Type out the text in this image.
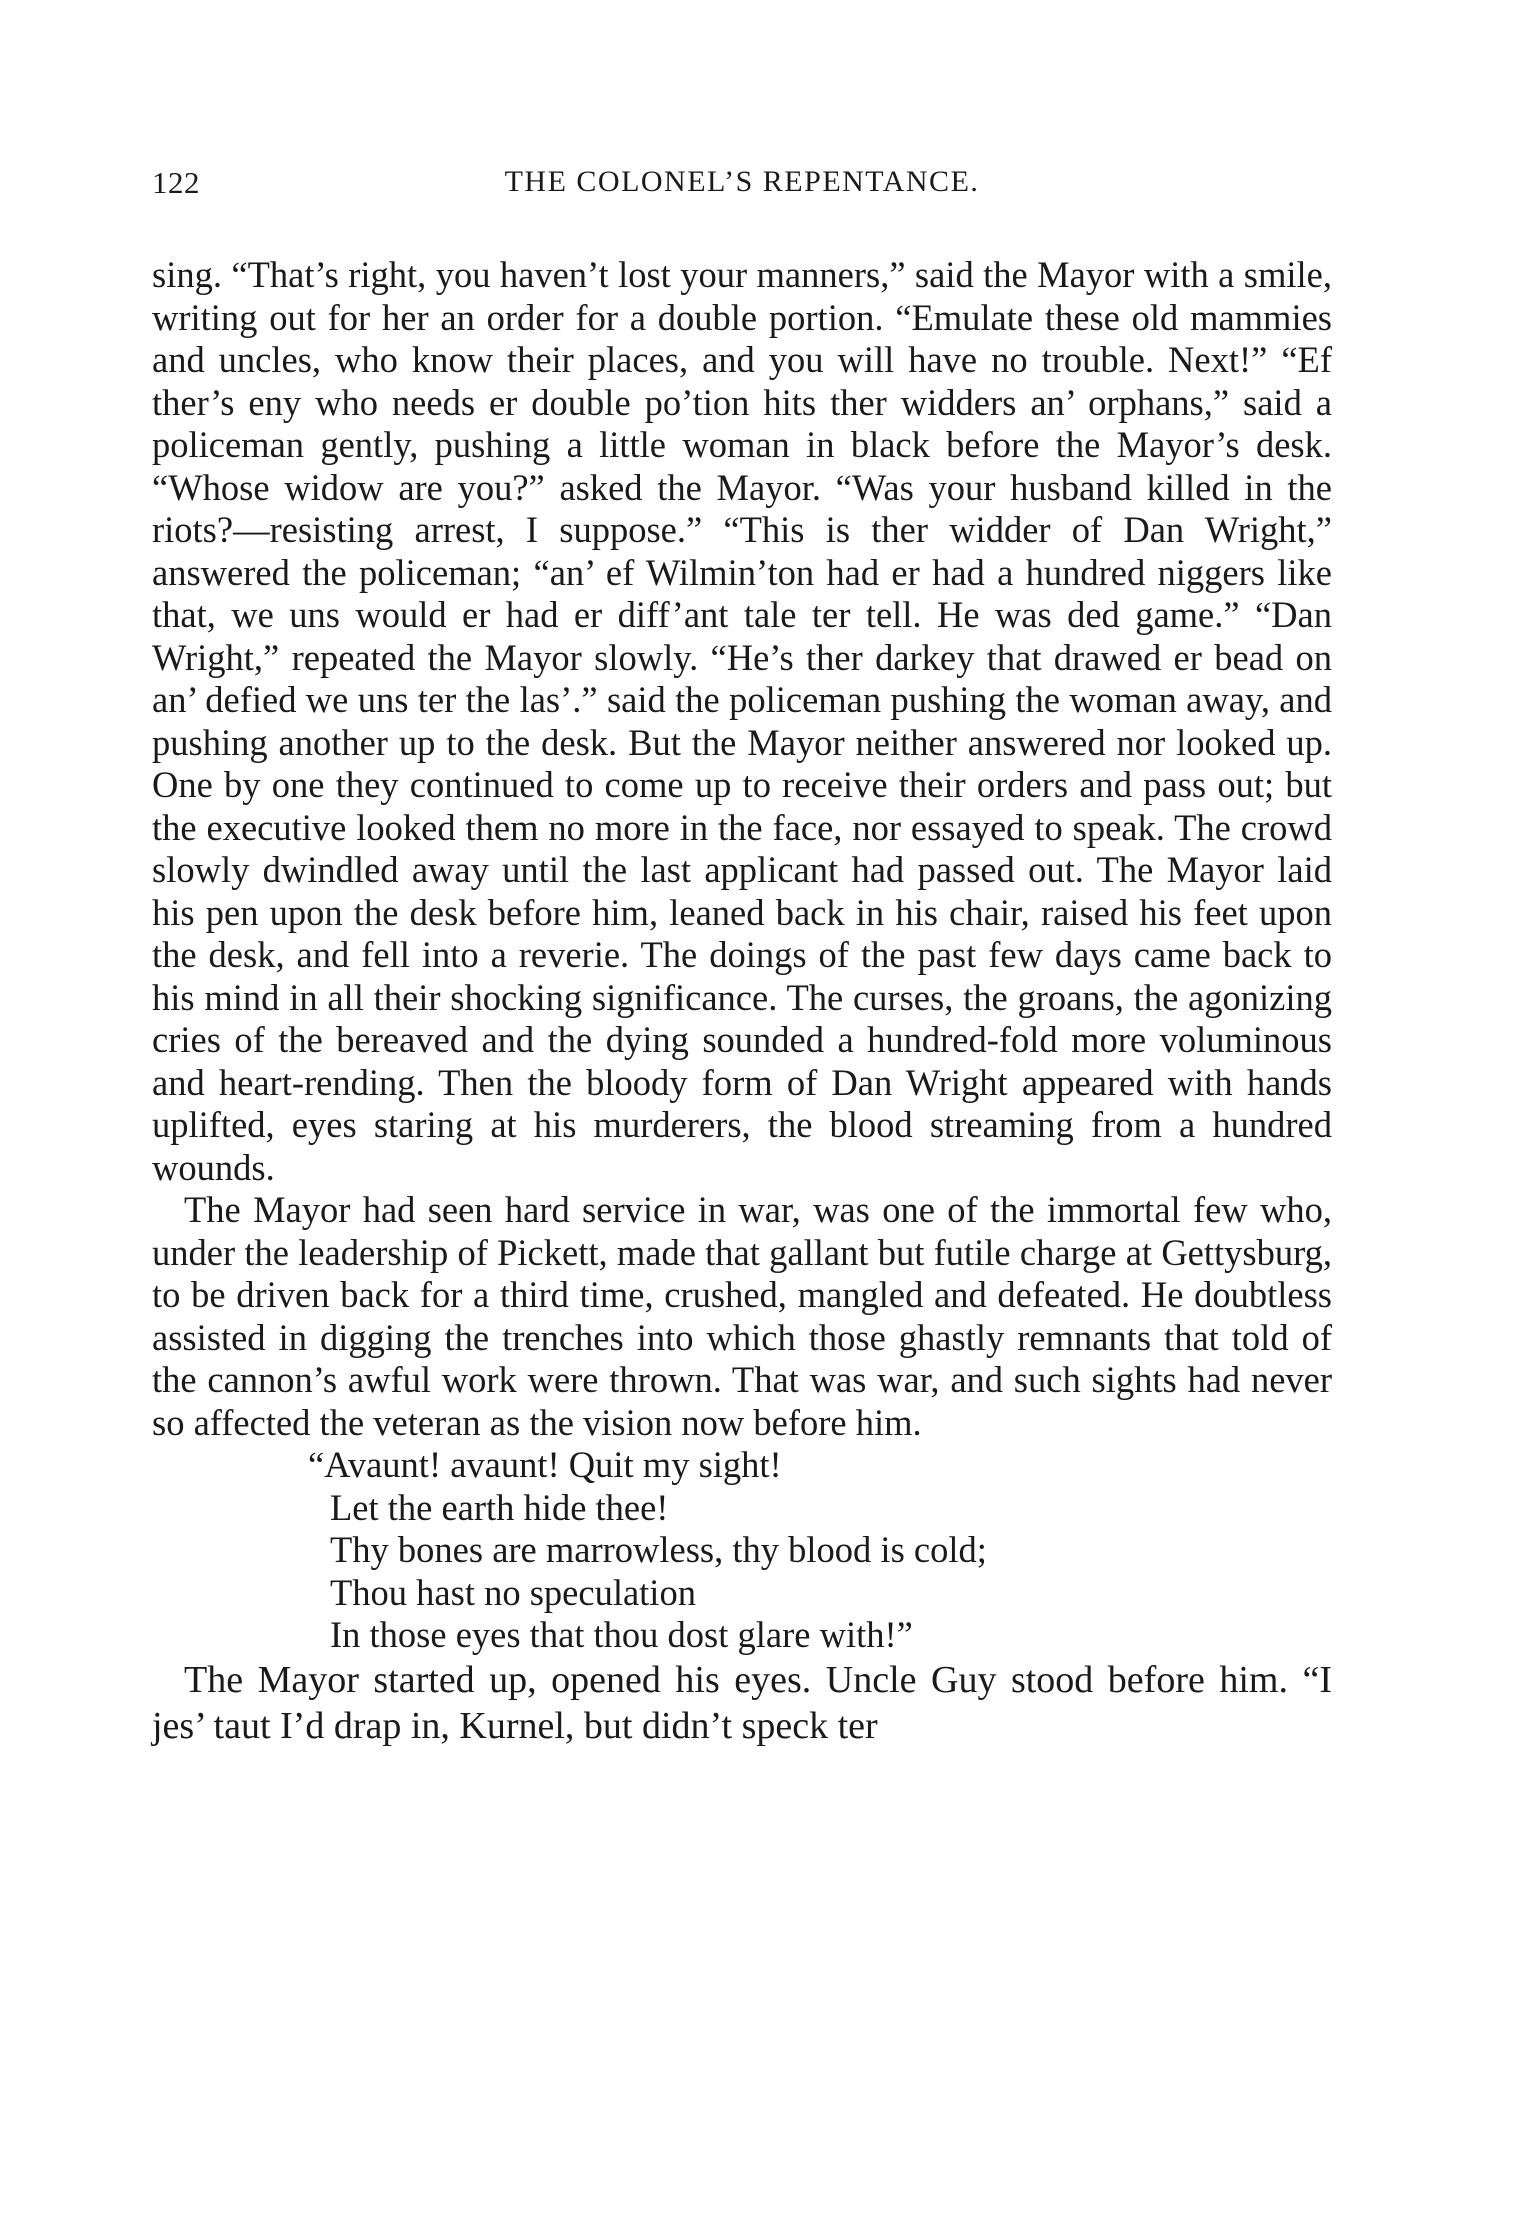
122	THE COLONEL’S REPENTANCE.

sing. “That’s right, you haven’t lost your manners,” said the Mayor with a smile, writing out for her an order for a double portion. “Emulate these old mammies and uncles, who know their places, and you will have no trouble. Next!” “Ef ther’s eny who needs er double po’tion hits ther widders an’ orphans,” said a policeman gently, pushing a little woman in black before the Mayor’s desk. “Whose widow are you?” asked the Mayor. “Was your husband killed in the riots?—resisting arrest, I suppose.” “This is ther widder of Dan Wright,” answered the policeman; “an’ ef Wilmin’ton had er had a hundred niggers like that, we uns would er had er diff’ant tale ter tell. He was ded game.” “Dan Wright,” repeated the Mayor slowly. “He’s ther darkey that drawed er bead on an’ defied we uns ter the las’.” said the policeman pushing the woman away, and pushing another up to the desk. But the Mayor neither answered nor looked up. One by one they continued to come up to receive their orders and pass out; but the executive looked them no more in the face, nor essayed to speak. The crowd slowly dwindled away until the last applicant had passed out. The Mayor laid his pen upon the desk before him, leaned back in his chair, raised his feet upon the desk, and fell into a reverie. The doings of the past few days came back to his mind in all their shocking significance. The curses, the groans, the agonizing cries of the bereaved and the dying sounded a hundred-fold more voluminous and heart-rending. Then the bloody form of Dan Wright appeared with hands uplifted, eyes staring at his murderers, the blood streaming from a hundred wounds.

The Mayor had seen hard service in war, was one of the immortal few who, under the leadership of Pickett, made that gallant but futile charge at Gettysburg, to be driven back for a third time, crushed, mangled and defeated. He doubtless assisted in digging the trenches into which those ghastly remnants that told of the cannon’s awful work were thrown. That was war, and such sights had never so affected the veteran as the vision now before him.

“Avaunt! avaunt! Quit my sight!
Let the earth hide thee!
Thy bones are marrowless, thy blood is cold;
Thou hast no speculation
In those eyes that thou dost glare with!”

The Mayor started up, opened his eyes. Uncle Guy stood before him. “I jes’ taut I’d drap in, Kurnel, but didn’t speck ter
